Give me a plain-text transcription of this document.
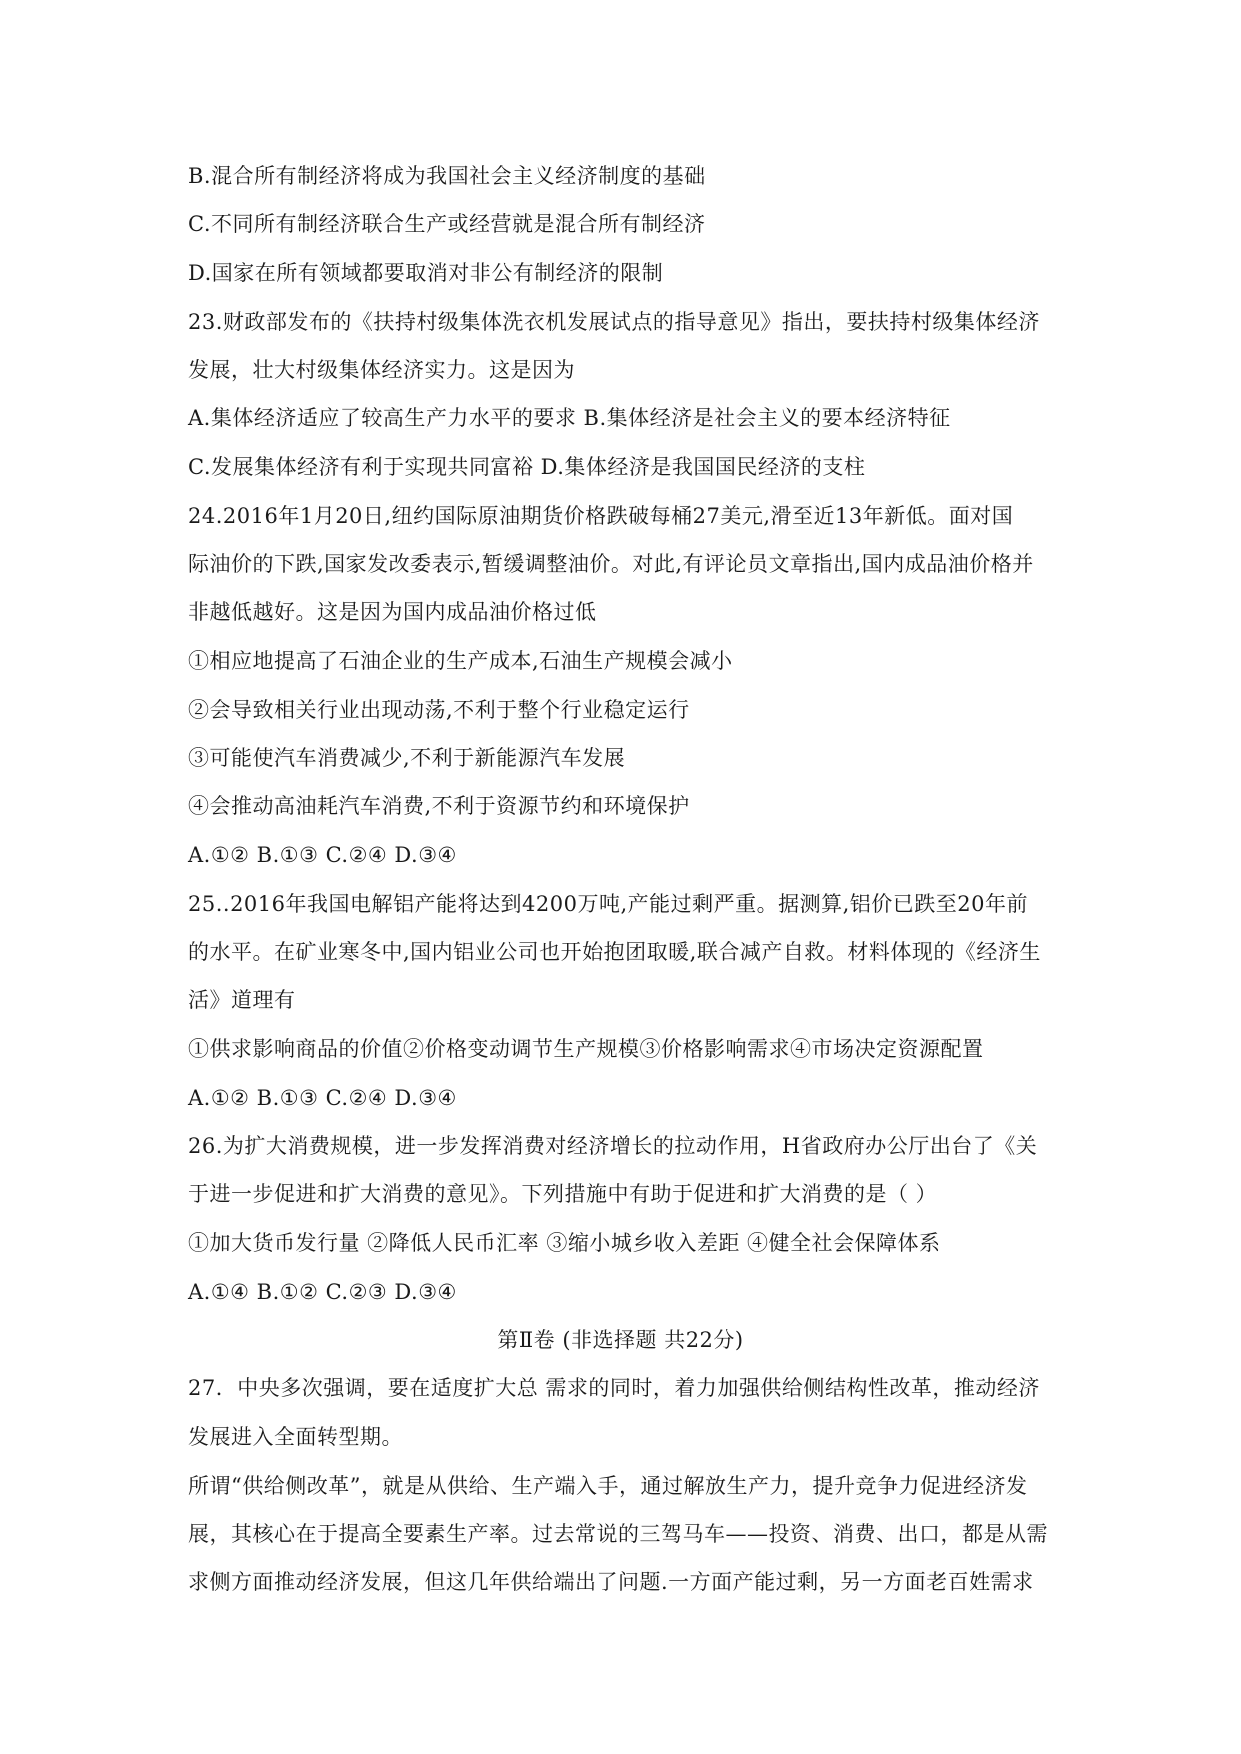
B.混合所有制经济将成为我国社会主义经济制度的基础
C.不同所有制经济联合生产或经营就是混合所有制经济
D.国家在所有领域都要取消对非公有制经济的限制
23.财政部发布的《扶持村级集体洗衣机发展试点的指导意见》指出，要扶持村级集体经济
发展，壮大村级集体经济实力。这是因为
A.集体经济适应了较高生产力水平的要求 B.集体经济是社会主义的要本经济特征
C.发展集体经济有利于实现共同富裕 D.集体经济是我国国民经济的支柱
24.2016年1月20日,纽约国际原油期货价格跌破每桶27美元,滑至近13年新低。面对国
际油价的下跌,国家发改委表示,暂缓调整油价。对此,有评论员文章指出,国内成品油价格并
非越低越好。这是因为国内成品油价格过低
①相应地提高了石油企业的生产成本,石油生产规模会减小
②会导致相关行业出现动荡,不利于整个行业稳定运行
③可能使汽车消费减少,不利于新能源汽车发展
④会推动高油耗汽车消费,不利于资源节约和环境保护
A.①② B.①③ C.②④ D.③④
25..2016年我国电解铝产能将达到4200万吨,产能过剩严重。据测算,铝价已跌至20年前
的水平。在矿业寒冬中,国内铝业公司也开始抱团取暖,联合减产自救。材料体现的《经济生
活》道理有
①供求影响商品的价值②价格变动调节生产规模③价格影响需求④市场决定资源配置
A.①② B.①③ C.②④ D.③④
26.为扩大消费规模，进一步发挥消费对经济增长的拉动作用，H省政府办公厅出台了《关
于进一步促进和扩大消费的意见》。下列措施中有助于促进和扩大消费的是（ ）
①加大货币发行量 ②降低人民币汇率 ③缩小城乡收入差距 ④健全社会保障体系
A.①④ B.①② C.②③ D.③④
第Ⅱ卷 (非选择题 共22分)
27．中央多次强调，要在适度扩大总 需求的同时，着力加强供给侧结构性改革，推动经济
发展进入全面转型期。
所谓“供给侧改革”，就是从供给、生产端入手，通过解放生产力，提升竞争力促进经济发
展，其核心在于提高全要素生产率。过去常说的三驾马车——投资、消费、出口，都是从需
求侧方面推动经济发展，但这几年供给端出了问题.一方面产能过剩，另一方面老百姓需求
